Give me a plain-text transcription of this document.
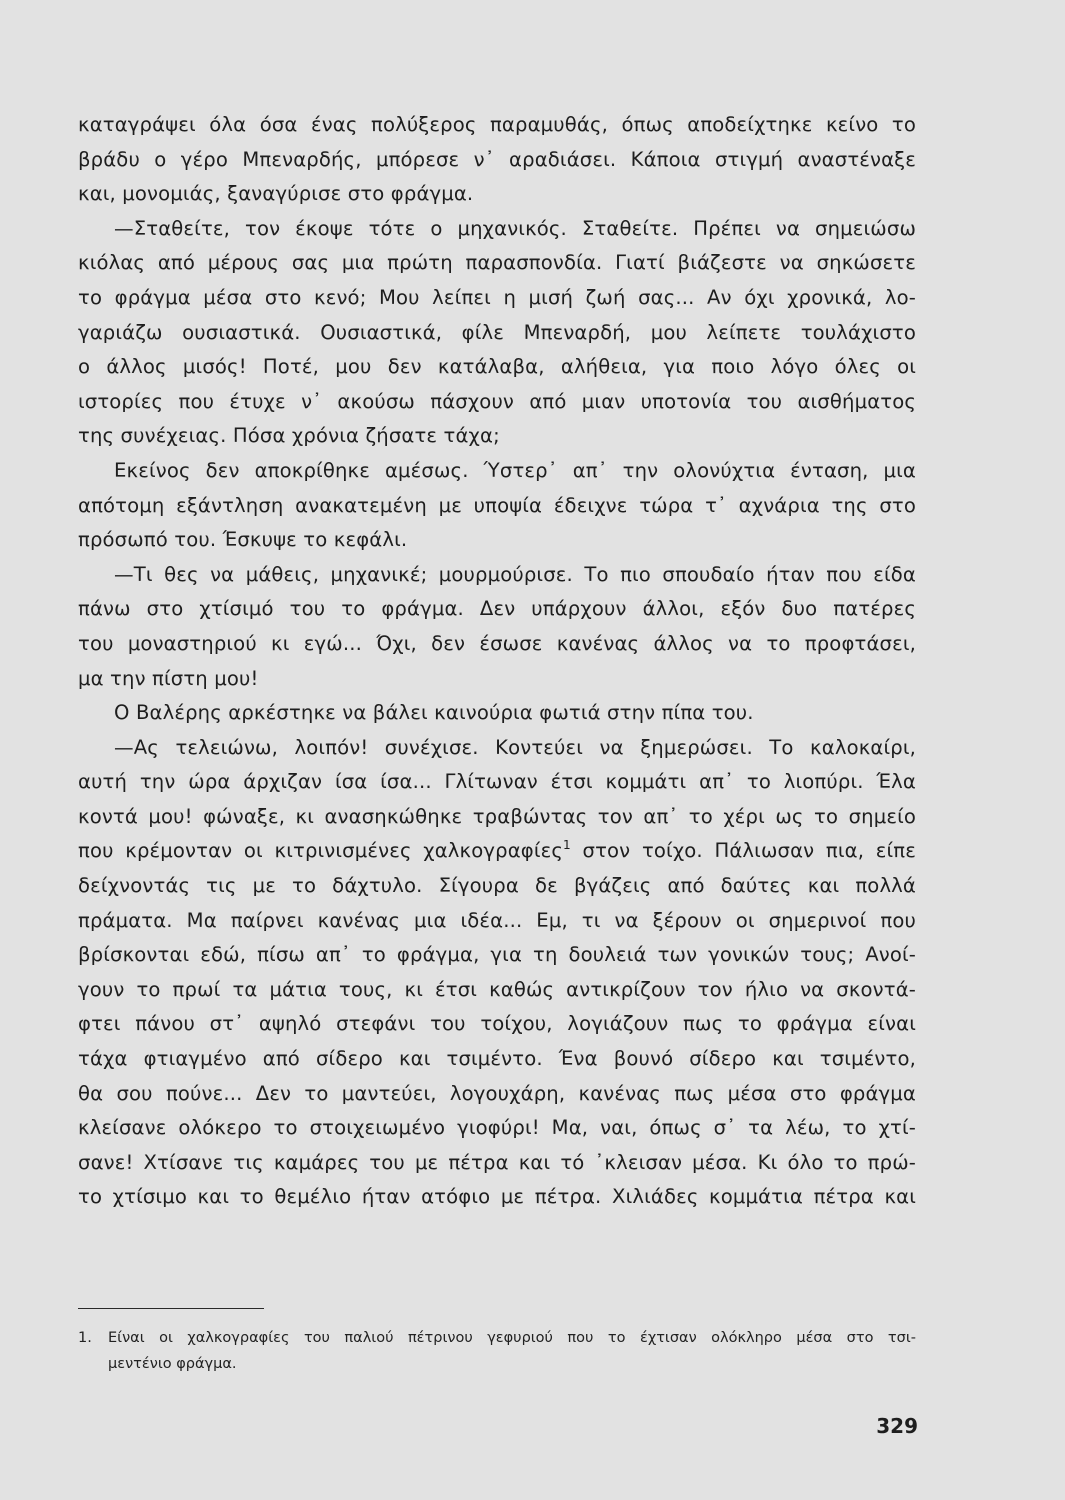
καταγράψει όλα όσα ένας πολύξερος παραμυθάς, όπως αποδείχτηκε κείνο το
βράδυ ο γέρο Μπεναρδής, μπόρεσε ν᾽ αραδιάσει. Κάποια στιγμή αναστέναξε
και, μονομιάς, ξαναγύρισε στο φράγμα.
—Σταθείτε, τον έκοψε τότε ο μηχανικός. Σταθείτε. Πρέπει να σημειώσω
κιόλας από μέρους σας μια πρώτη παρασπονδία. Γιατί βιάζεστε να σηκώσετε
το φράγμα μέσα στο κενό; Μου λείπει η μισή ζωή σας... Αν όχι χρονικά, λο-
γαριάζω ουσιαστικά. Ουσιαστικά, φίλε Μπεναρδή, μου λείπετε τουλάχιστο
ο άλλος μισός! Ποτέ, μου δεν κατάλαβα, αλήθεια, για ποιο λόγο όλες οι
ιστορίες που έτυχε ν᾽ ακούσω πάσχουν από μιαν υποτονία του αισθήματος
της συνέχειας. Πόσα χρόνια ζήσατε τάχα;
Εκείνος δεν αποκρίθηκε αμέσως. Ύστερ᾽ απ᾽ την ολονύχτια ένταση, μια
απότομη εξάντληση ανακατεμένη με υποψία έδειχνε τώρα τ᾽ αχνάρια της στο
πρόσωπό του. Έσκυψε το κεφάλι.
—Τι θες να μάθεις, μηχανικέ; μουρμούρισε. Το πιο σπουδαίο ήταν που είδα
πάνω στο χτίσιμό του το φράγμα. Δεν υπάρχουν άλλοι, εξόν δυο πατέρες
του μοναστηριού κι εγώ... Όχι, δεν έσωσε κανένας άλλος να το προφτάσει,
μα την πίστη μου!
Ο Βαλέρης αρκέστηκε να βάλει καινούρια φωτιά στην πίπα του.
—Ας τελειώνω, λοιπόν! συνέχισε. Κοντεύει να ξημερώσει. Το καλοκαίρι,
αυτή την ώρα άρχιζαν ίσα ίσα... Γλίτωναν έτσι κομμάτι απ᾽ το λιοπύρι. Έλα
κοντά μου! φώναξε, κι ανασηκώθηκε τραβώντας τον απ᾽ το χέρι ως το σημείο
που κρέμονταν οι κιτρινισμένες χαλκογραφίες$^1$ στον τοίχο. Πάλιωσαν πια, είπε
δείχνοντάς τις με το δάχτυλο. Σίγουρα δε βγάζεις από δαύτες και πολλά
πράματα. Μα παίρνει κανένας μια ιδέα... Εμ, τι να ξέρουν οι σημερινοί που
βρίσκονται εδώ, πίσω απ᾽ το φράγμα, για τη δουλειά των γονικών τους; Ανοί-
γουν το πρωί τα μάτια τους, κι έτσι καθώς αντικρίζουν τον ήλιο να σκοντά-
φτει πάνου στ᾽ αψηλό στεφάνι του τοίχου, λογιάζουν πως το φράγμα είναι
τάχα φτιαγμένο από σίδερο και τσιμέντο. Ένα βουνό σίδερο και τσιμέντο,
θα σου πούνε... Δεν το μαντεύει, λογουχάρη, κανένας πως μέσα στο φράγμα
κλείσανε ολόκερο το στοιχειωμένο γιοφύρι! Μα, ναι, όπως σ᾽ τα λέω, το χτί-
σανε! Χτίσανε τις καμάρες του με πέτρα και τό ᾽κλεισαν μέσα. Κι όλο το πρώ-
το χτίσιμο και το θεμέλιο ήταν ατόφιο με πέτρα. Χιλιάδες κομμάτια πέτρα και
1. Είναι οι χαλκογραφίες του παλιού πέτρινου γεφυριού που το έχτισαν ολόκληρο μέσα στο τσι-
μεντένιο φράγμα.
329
